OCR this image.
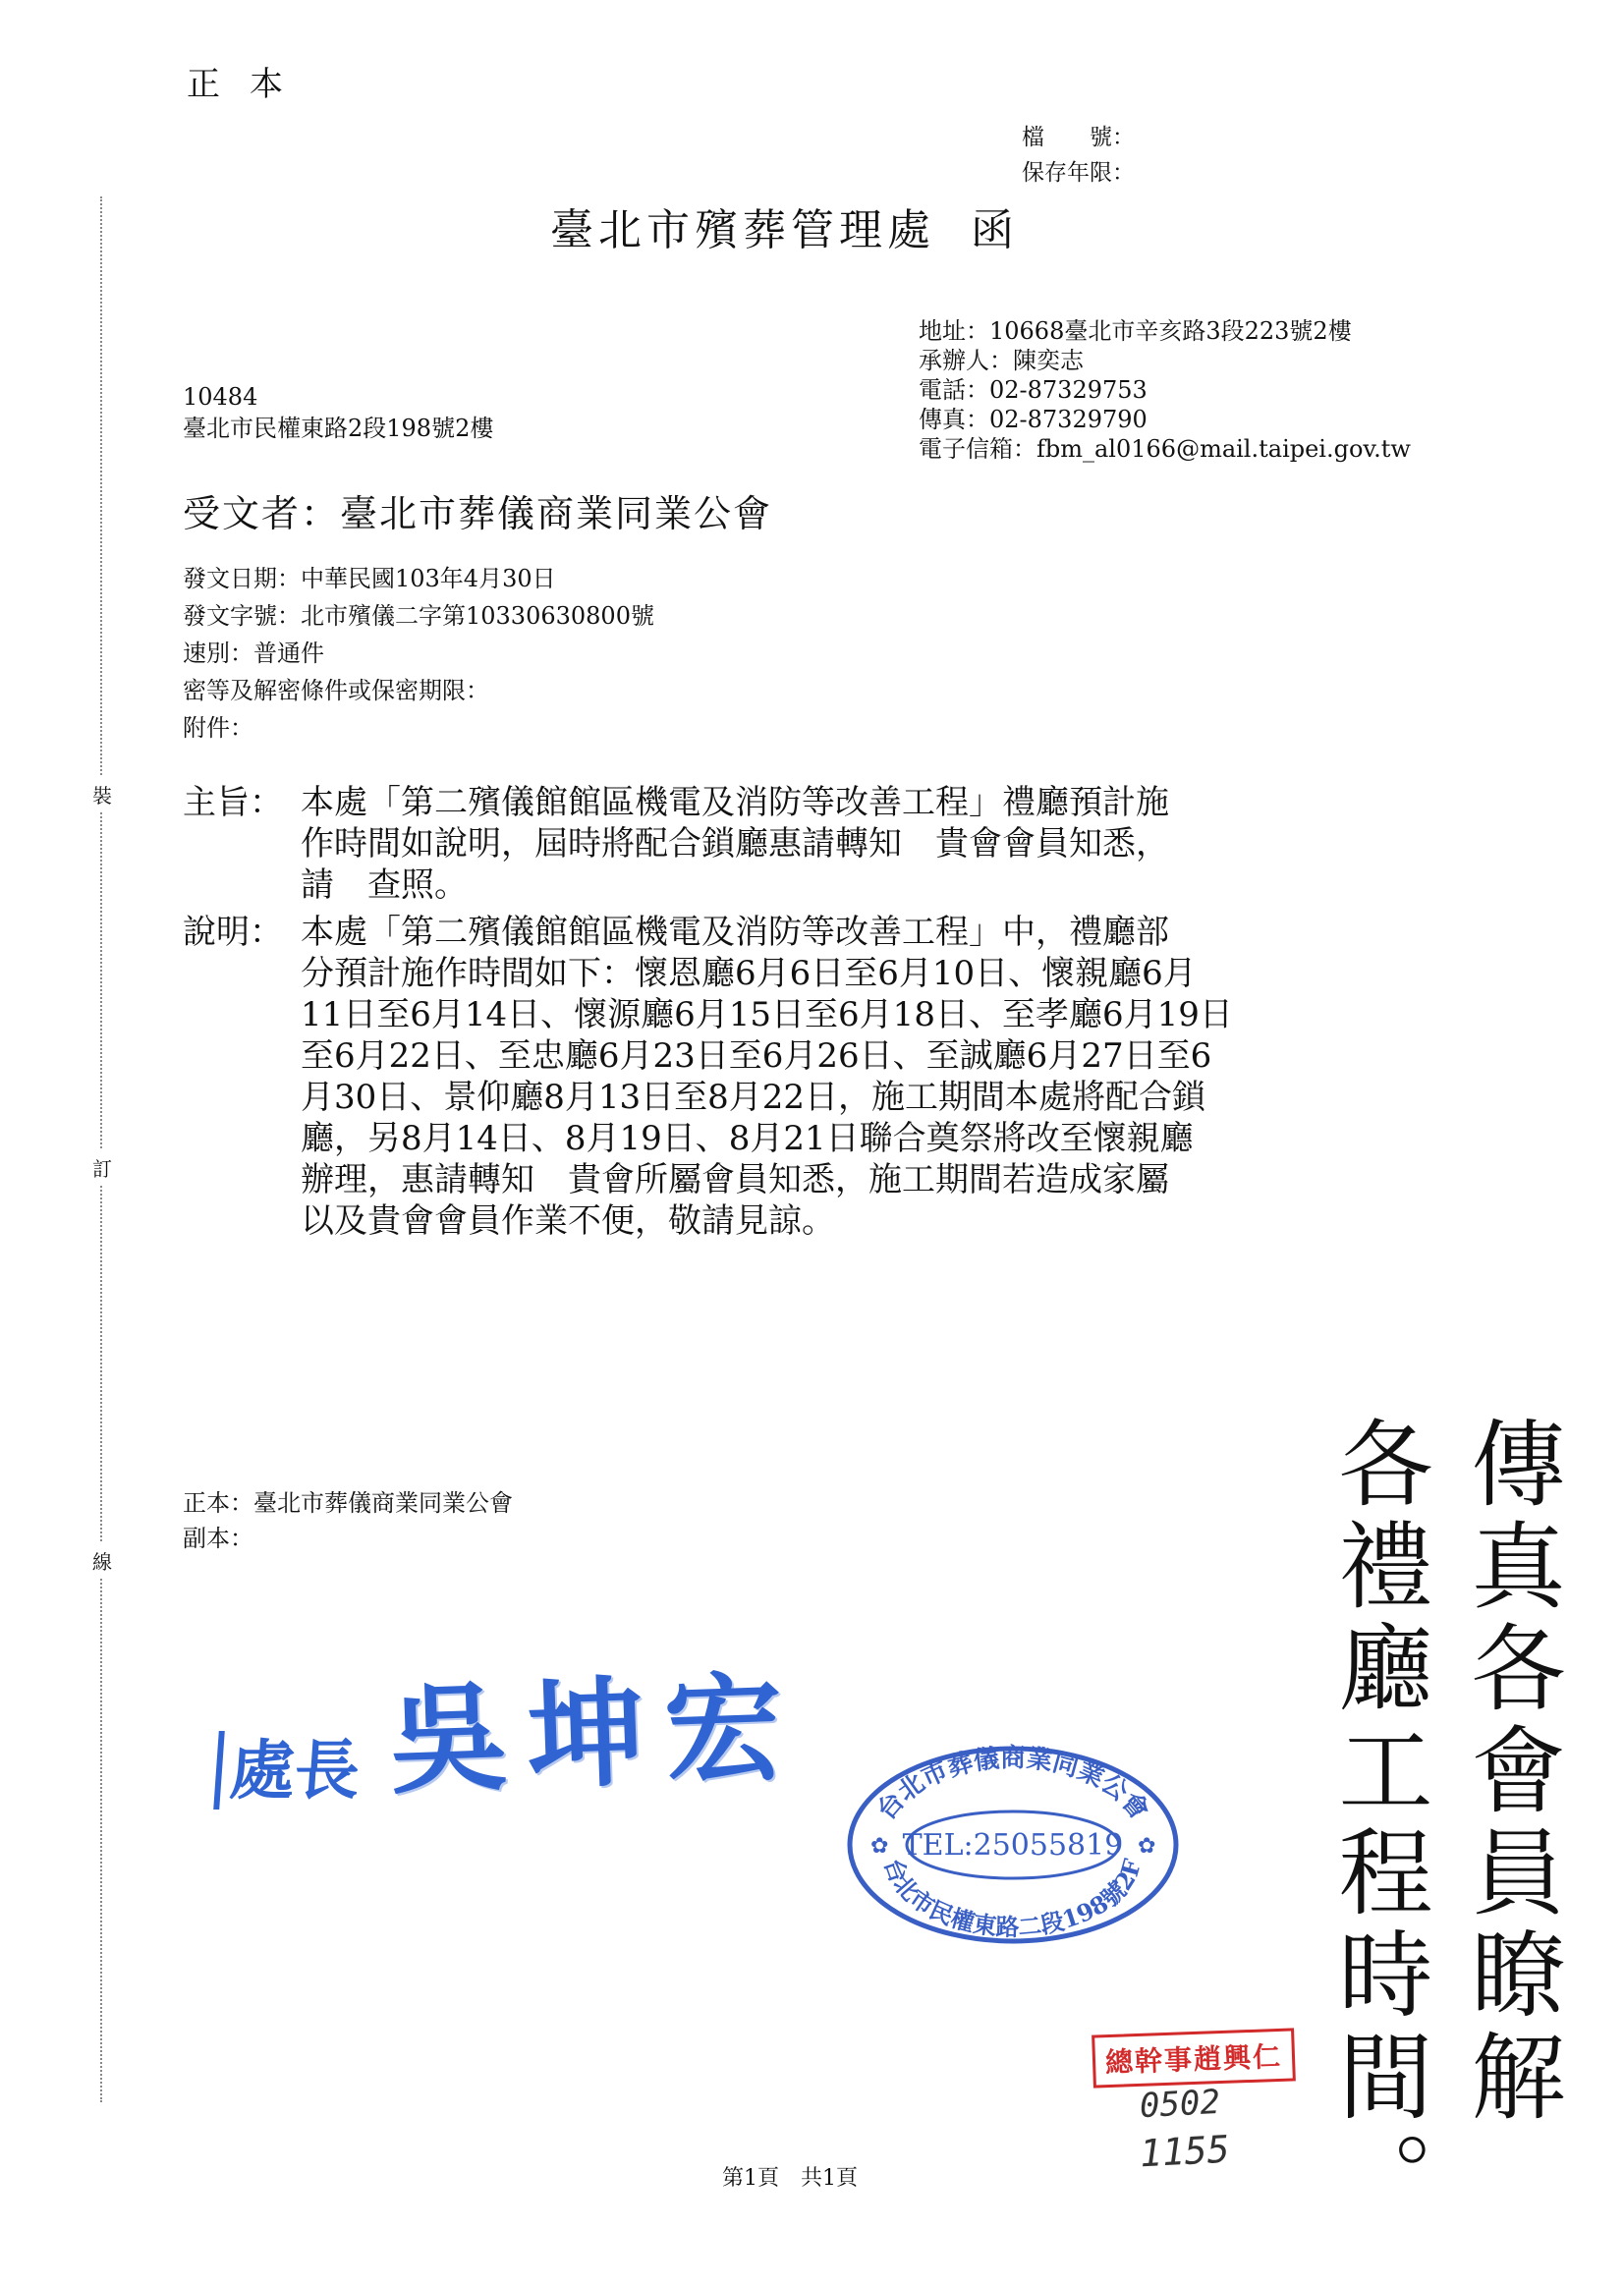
裝
訂
線
正本
檔　　號：
保存年限：
臺北市殯葬管理處 函
地址：10668臺北市辛亥路3段223號2樓
承辦人：陳奕志
電話：02-87329753
傳真：02-87329790
電子信箱：fbm_al0166@mail.taipei.gov.tw
10484
臺北市民權東路2段198號2樓
受文者：臺北市葬儀商業同業公會
發文日期：中華民國103年4月30日
發文字號：北市殯儀二字第10330630800號
速別：普通件
密等及解密條件或保密期限：
附件：
主旨： 本處「第二殯儀館館區機電及消防等改善工程」禮廳預計施
作時間如說明，屆時將配合鎖廳惠請轉知　貴會會員知悉，
請　查照。
說明： 本處「第二殯儀館館區機電及消防等改善工程」中，禮廳部
分預計施作時間如下：懷恩廳6月6日至6月10日、懷親廳6月
11日至6月14日、懷源廳6月15日至6月18日、至孝廳6月19日
至6月22日、至忠廳6月23日至6月26日、至誠廳6月27日至6
月30日、景仰廳8月13日至8月22日，施工期間本處將配合鎖
廳，另8月14日、8月19日、8月21日聯合奠祭將改至懷親廳
辦理，惠請轉知　貴會所屬會員知悉，施工期間若造成家屬
以及貴會會員作業不便，敬請見諒。
正本：臺北市葬儀商業同業公會
副本：
處長 吳坤宏	台北市葬儀商業同業公會
TEL:25055819
台北市民權東路二段198號2F
✿	✿
總幹事趙興仁
0502
1155
傳真各會員瞭解
各禮廳工程時間。
第1頁　共1頁
